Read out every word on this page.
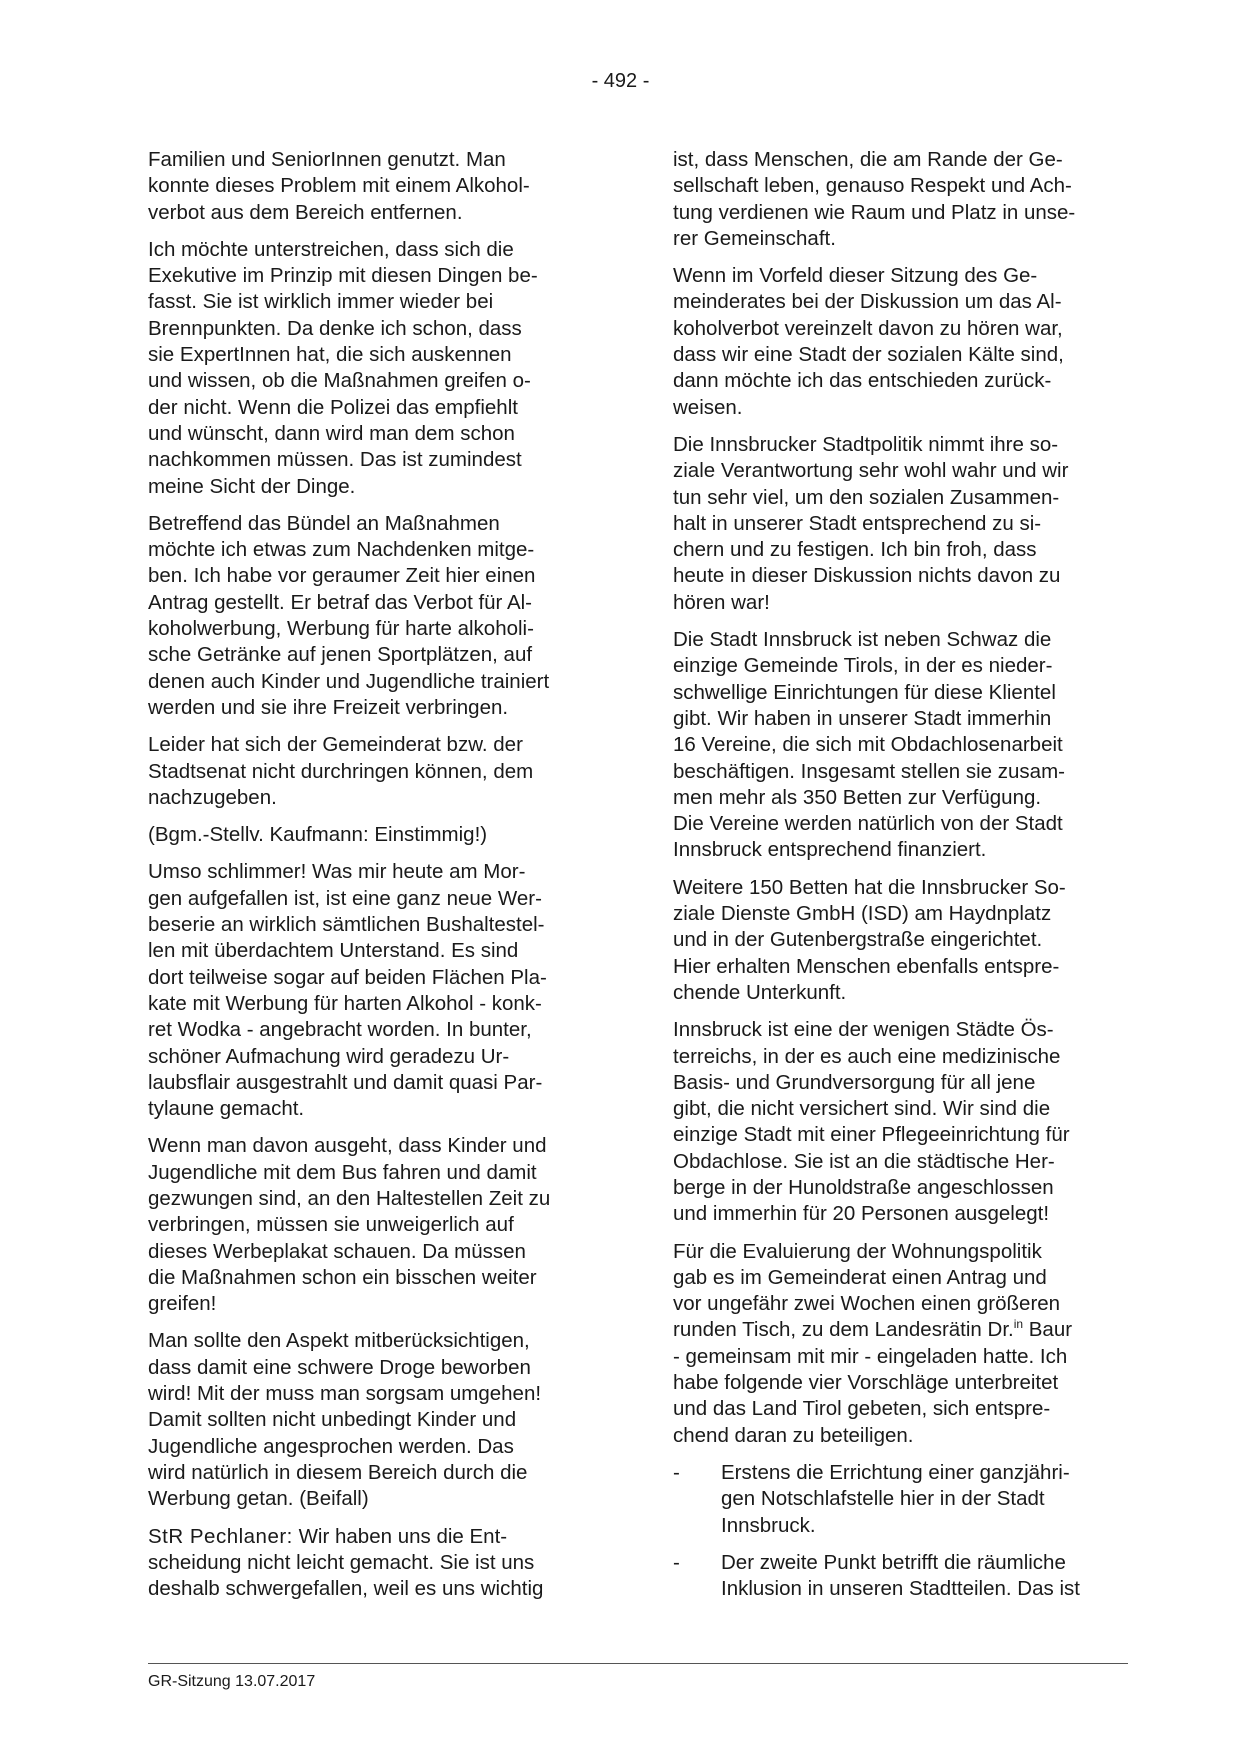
- 492 -

Familien und SeniorInnen genutzt. Man
konnte dieses Problem mit einem Alkohol-
verbot aus dem Bereich entfernen.

Ich möchte unterstreichen, dass sich die
Exekutive im Prinzip mit diesen Dingen be-
fasst. Sie ist wirklich immer wieder bei
Brennpunkten. Da denke ich schon, dass
sie ExpertInnen hat, die sich auskennen
und wissen, ob die Maßnahmen greifen o-
der nicht. Wenn die Polizei das empfiehlt
und wünscht, dann wird man dem schon
nachkommen müssen. Das ist zumindest
meine Sicht der Dinge.

Betreffend das Bündel an Maßnahmen
möchte ich etwas zum Nachdenken mitge-
ben. Ich habe vor geraumer Zeit hier einen
Antrag gestellt. Er betraf das Verbot für Al-
koholwerbung, Werbung für harte alkoholi-
sche Getränke auf jenen Sportplätzen, auf
denen auch Kinder und Jugendliche trainiert
werden und sie ihre Freizeit verbringen.

Leider hat sich der Gemeinderat bzw. der
Stadtsenat nicht durchringen können, dem
nachzugeben.

(Bgm.-Stellv. Kaufmann: Einstimmig!)

Umso schlimmer! Was mir heute am Mor-
gen aufgefallen ist, ist eine ganz neue Wer-
beserie an wirklich sämtlichen Bushaltestel-
len mit überdachtem Unterstand. Es sind
dort teilweise sogar auf beiden Flächen Pla-
kate mit Werbung für harten Alkohol - konk-
ret Wodka - angebracht worden. In bunter,
schöner Aufmachung wird geradezu Ur-
laubsflair ausgestrahlt und damit quasi Par-
tylaune gemacht.

Wenn man davon ausgeht, dass Kinder und
Jugendliche mit dem Bus fahren und damit
gezwungen sind, an den Haltestellen Zeit zu
verbringen, müssen sie unweigerlich auf
dieses Werbeplakat schauen. Da müssen
die Maßnahmen schon ein bisschen weiter
greifen!

Man sollte den Aspekt mitberücksichtigen,
dass damit eine schwere Droge beworben
wird! Mit der muss man sorgsam umgehen!
Damit sollten nicht unbedingt Kinder und
Jugendliche angesprochen werden. Das
wird natürlich in diesem Bereich durch die
Werbung getan. (Beifall)

StR Pechlaner: Wir haben uns die Ent-
scheidung nicht leicht gemacht. Sie ist uns
deshalb schwergefallen, weil es uns wichtig

ist, dass Menschen, die am Rande der Ge-
sellschaft leben, genauso Respekt und Ach-
tung verdienen wie Raum und Platz in unse-
rer Gemeinschaft.

Wenn im Vorfeld dieser Sitzung des Ge-
meinderates bei der Diskussion um das Al-
koholverbot vereinzelt davon zu hören war,
dass wir eine Stadt der sozialen Kälte sind,
dann möchte ich das entschieden zurück-
weisen.

Die Innsbrucker Stadtpolitik nimmt ihre so-
ziale Verantwortung sehr wohl wahr und wir
tun sehr viel, um den sozialen Zusammen-
halt in unserer Stadt entsprechend zu si-
chern und zu festigen. Ich bin froh, dass
heute in dieser Diskussion nichts davon zu
hören war!

Die Stadt Innsbruck ist neben Schwaz die
einzige Gemeinde Tirols, in der es nieder-
schwellige Einrichtungen für diese Klientel
gibt. Wir haben in unserer Stadt immerhin
16 Vereine, die sich mit Obdachlosenarbeit
beschäftigen. Insgesamt stellen sie zusam-
men mehr als 350 Betten zur Verfügung.
Die Vereine werden natürlich von der Stadt
Innsbruck entsprechend finanziert.

Weitere 150 Betten hat die Innsbrucker So-
ziale Dienste GmbH (ISD) am Haydnplatz
und in der Gutenbergstraße eingerichtet.
Hier erhalten Menschen ebenfalls entspre-
chende Unterkunft.

Innsbruck ist eine der wenigen Städte Ös-
terreichs, in der es auch eine medizinische
Basis- und Grundversorgung für all jene
gibt, die nicht versichert sind. Wir sind die
einzige Stadt mit einer Pflegeeinrichtung für
Obdachlose. Sie ist an die städtische Her-
berge in der Hunoldstraße angeschlossen
und immerhin für 20 Personen ausgelegt!

Für die Evaluierung der Wohnungspolitik
gab es im Gemeinderat einen Antrag und
vor ungefähr zwei Wochen einen größeren
runden Tisch, zu dem Landesrätin Dr.$^{in}$ Baur
- gemeinsam mit mir - eingeladen hatte. Ich
habe folgende vier Vorschläge unterbreitet
und das Land Tirol gebeten, sich entspre-
chend daran zu beteiligen.

- Erstens die Errichtung einer ganzjähri-
gen Notschlafstelle hier in der Stadt
Innsbruck.
- Der zweite Punkt betrifft die räumliche
Inklusion in unseren Stadtteilen. Das ist
GR-Sitzung 13.07.2017
